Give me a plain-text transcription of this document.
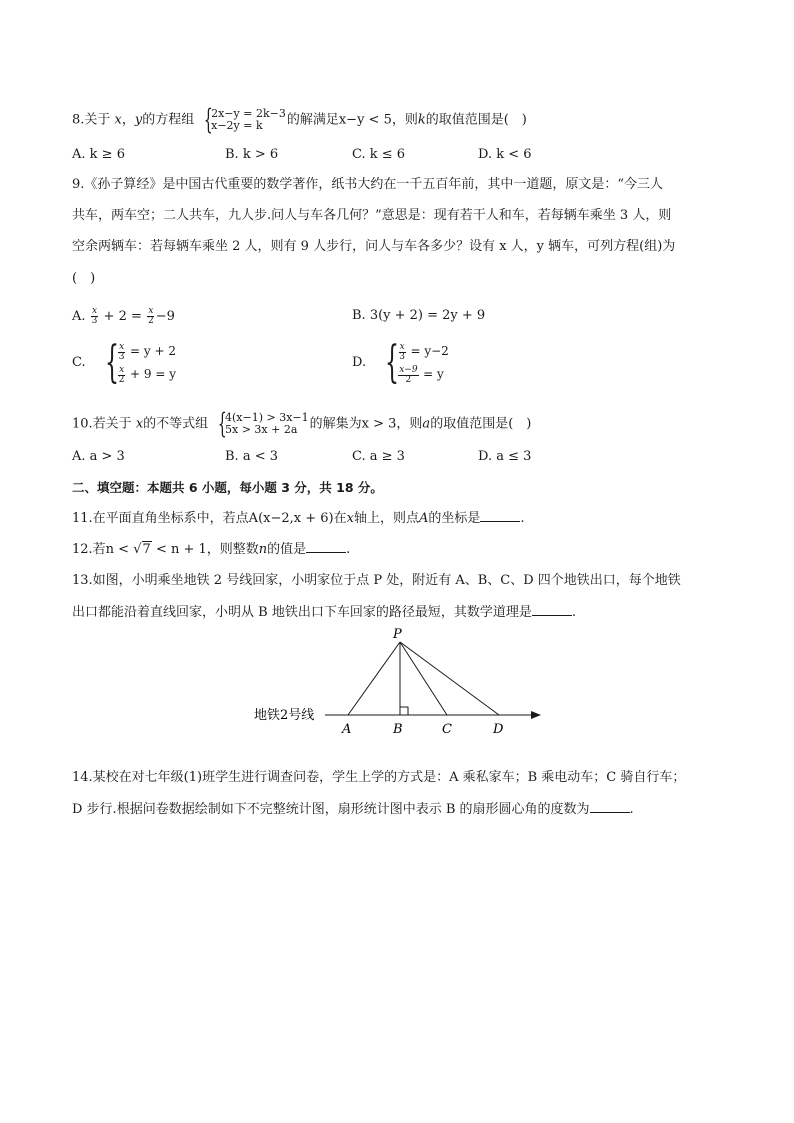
8.关于 x，y的方程组 {
2x−y = 2k−3
x−2y = k	的解满足x−y < 5，则k的取值范围是(　)
A. k ≥ 6	B. k > 6	C. k ≤ 6	D. k < 6
9.《孙子算经》是中国古代重要的数学著作，纸书大约在一千五百年前，其中一道题，原文是：“今三人
共车，两车空；二人共车，九人步.问人与车各几何？”意思是：现有若干人和车，若每辆车乘坐 3 人，则
空余两辆车：若每辆车乘坐 2 人，则有 9 人步行，问人与车各多少？设有 x 人，y 辆车，可列方程(组)为
(　)
A. $\frac{x}{3} + 2 = \frac{x}{2} -9$	B. 3(y + 2) = 2y + 9
C. { $\frac{x}{3} = y + 2$
$\frac{x}{2} + 9 = y$
D. { $\frac{x}{3} = y-2$
$\frac{x-9}{2} = y$
10.若关于 x的不等式组 {
4(x−1) > 3x−1
5x > 3x + 2a 的解集为x > 3，则a的取值范围是(　)
A. a > 3	B. a < 3	C. a ≥ 3	D. a ≤ 3
二、填空题：本题共 6 小题，每小题 3 分，共 18 分。
11.在平面直角坐标系中，若点A(x−2,x + 6)在x轴上，则点A的坐标是	.
12.若n < √7 < n + 1，则整数n的值是	.
13.如图，小明乘坐地铁 2 号线回家，小明家位于点 P 处，附近有 A、B、C、D 四个地铁出口，每个地铁
出口都能沿着直线回家，小明从 B 地铁出口下车回家的路径最短，其数学道理是	.
地铁2号线
P
A	B	C	D
14.某校在对七年级(1)班学生进行调查问卷，学生上学的方式是：A 乘私家车；B 乘电动车；C 骑自行车；
D 步行.根据问卷数据绘制如下不完整统计图，扇形统计图中表示 B 的扇形圆心角的度数为	.
